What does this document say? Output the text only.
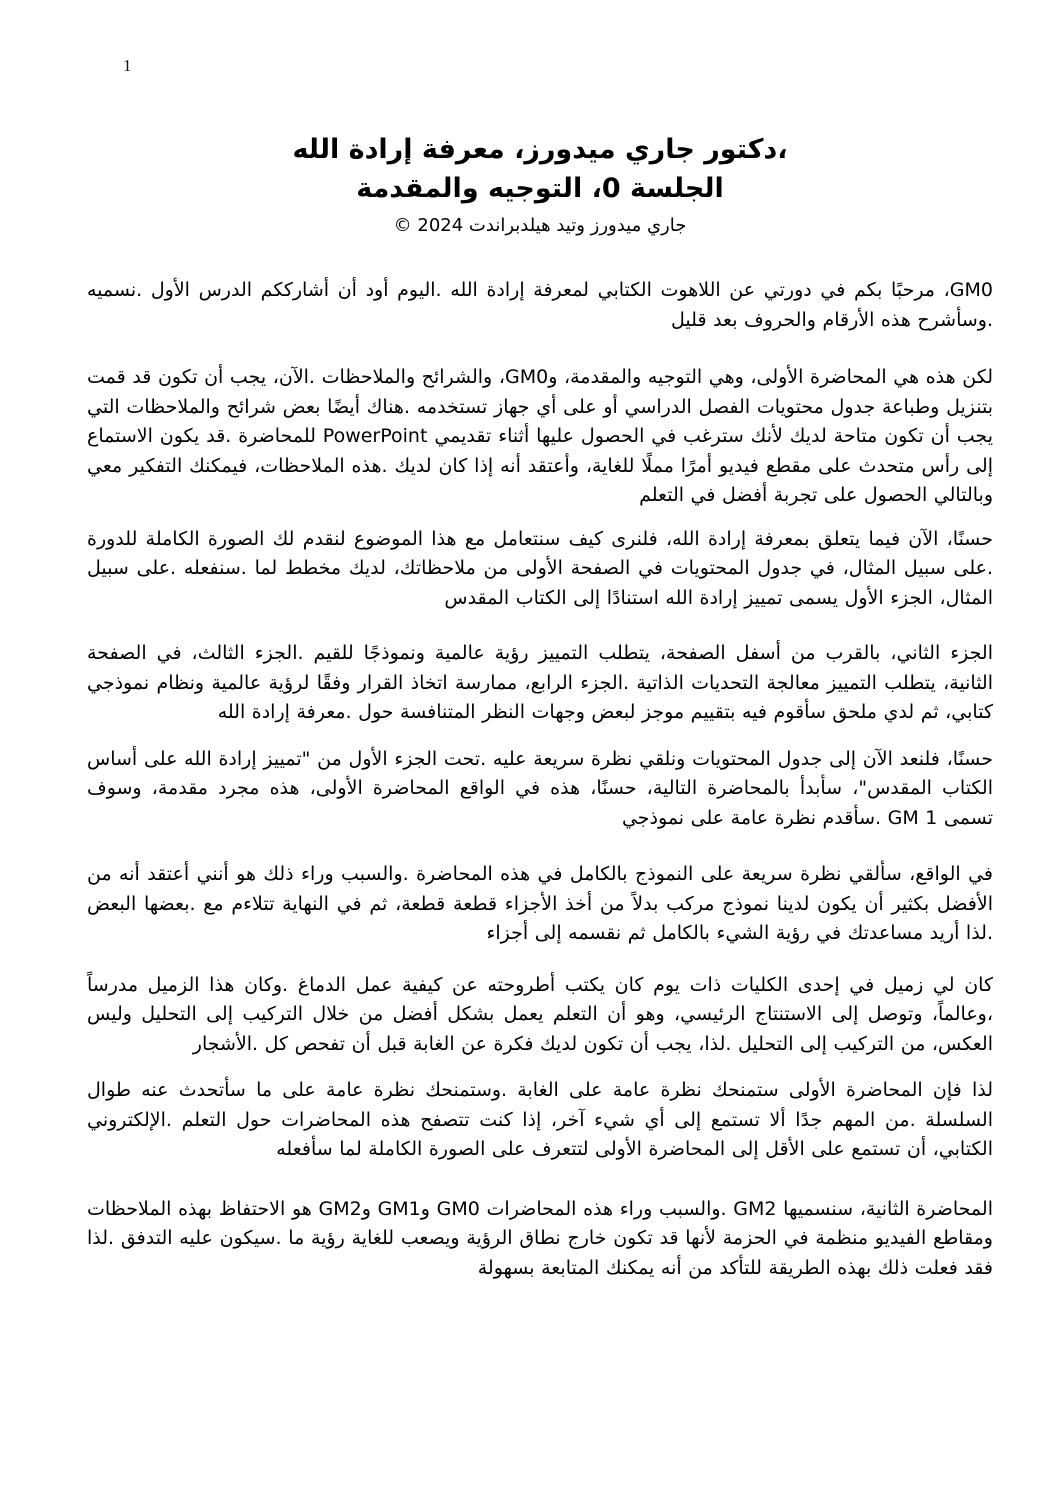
1
،دكتور جاري ميدورز، معرفة إرادة الله
الجلسة 0، التوجيه والمقدمة
جاري ميدورز وتيد هيلدبراندت 2024 ©

GM0، مرحبًا بكم في دورتي عن اللاهوت الكتابي لمعرفة إرادة الله .اليوم أود أن أشارككم الدرس الأول .نسميه .وسأشرح هذه الأرقام والحروف بعد قليل

لكن هذه هي المحاضرة الأولى، وهي التوجيه والمقدمة، وGM0، والشرائح والملاحظات .الآن، يجب أن تكون قد قمت بتنزيل وطباعة جدول محتويات الفصل الدراسي أو على أي جهاز تستخدمه .هناك أيضًا بعض شرائح والملاحظات التي يجب أن تكون متاحة لديك لأنك سترغب في الحصول عليها أثناء تقديمي PowerPoint للمحاضرة .قد يكون الاستماع إلى رأس متحدث على مقطع فيديو أمرًا مملًا للغاية، وأعتقد أنه إذا كان لديك .هذه الملاحظات، فيمكنك التفكير معي وبالتالي الحصول على تجربة أفضل في التعلم

حسنًا، الآن فيما يتعلق بمعرفة إرادة الله، فلنرى كيف سنتعامل مع هذا الموضوع لنقدم لك الصورة الكاملة للدورة .على سبيل المثال، في جدول المحتويات في الصفحة الأولى من ملاحظاتك، لديك مخطط لما .سنفعله .على سبيل المثال، الجزء الأول يسمى تمييز إرادة الله استنادًا إلى الكتاب المقدس

الجزء الثاني، بالقرب من أسفل الصفحة، يتطلب التمييز رؤية عالمية ونموذجًا للقيم .الجزء الثالث، في الصفحة الثانية، يتطلب التمييز معالجة التحديات الذاتية .الجزء الرابع، ممارسة اتخاذ القرار وفقًا لرؤية عالمية ونظام نموذجي كتابي، ثم لدي ملحق سأقوم فيه بتقييم موجز لبعض وجهات النظر المتنافسة حول .معرفة إرادة الله

حسنًا، فلنعد الآن إلى جدول المحتويات ونلقي نظرة سريعة عليه .تحت الجزء الأول من "تمييز إرادة الله على أساس الكتاب المقدس"، سأبدأ بالمحاضرة التالية، حسنًا، هذه في الواقع المحاضرة الأولى، هذه مجرد مقدمة، وسوف تسمى GM 1 .سأقدم نظرة عامة على نموذجي

في الواقع، سألقي نظرة سريعة على النموذج بالكامل في هذه المحاضرة .والسبب وراء ذلك هو أنني أعتقد أنه من الأفضل بكثير أن يكون لدينا نموذج مركب بدلاً من أخذ الأجزاء قطعة قطعة، ثم في النهاية تتلاءم مع .بعضها البعض .لذا أريد مساعدتك في رؤية الشيء بالكامل ثم نقسمه إلى أجزاء

كان لي زميل في إحدى الكليات ذات يوم كان يكتب أطروحته عن كيفية عمل الدماغ .وكان هذا الزميل مدرساً ،وعالماً، وتوصل إلى الاستنتاج الرئيسي، وهو أن التعلم يعمل بشكل أفضل من خلال التركيب إلى التحليل وليس العكس، من التركيب إلى التحليل .لذا، يجب أن تكون لديك فكرة عن الغابة قبل أن تفحص كل .الأشجار

لذا فإن المحاضرة الأولى ستمنحك نظرة عامة على الغابة .وستمنحك نظرة عامة على ما سأتحدث عنه طوال السلسلة .من المهم جدًا ألا تستمع إلى أي شيء آخر، إذا كنت تتصفح هذه المحاضرات حول التعلم .الإلكتروني الكتابي، أن تستمع على الأقل إلى المحاضرة الأولى لتتعرف على الصورة الكاملة لما سأفعله

المحاضرة الثانية، سنسميها GM2 .والسبب وراء هذه المحاضرات GM0 وGM1 وGM2 هو الاحتفاظ بهذه الملاحظات ومقاطع الفيديو منظمة في الحزمة لأنها قد تكون خارج نطاق الرؤية ويصعب للغاية رؤية ما .سيكون عليه التدفق .لذا فقد فعلت ذلك بهذه الطريقة للتأكد من أنه يمكنك المتابعة بسهولة
